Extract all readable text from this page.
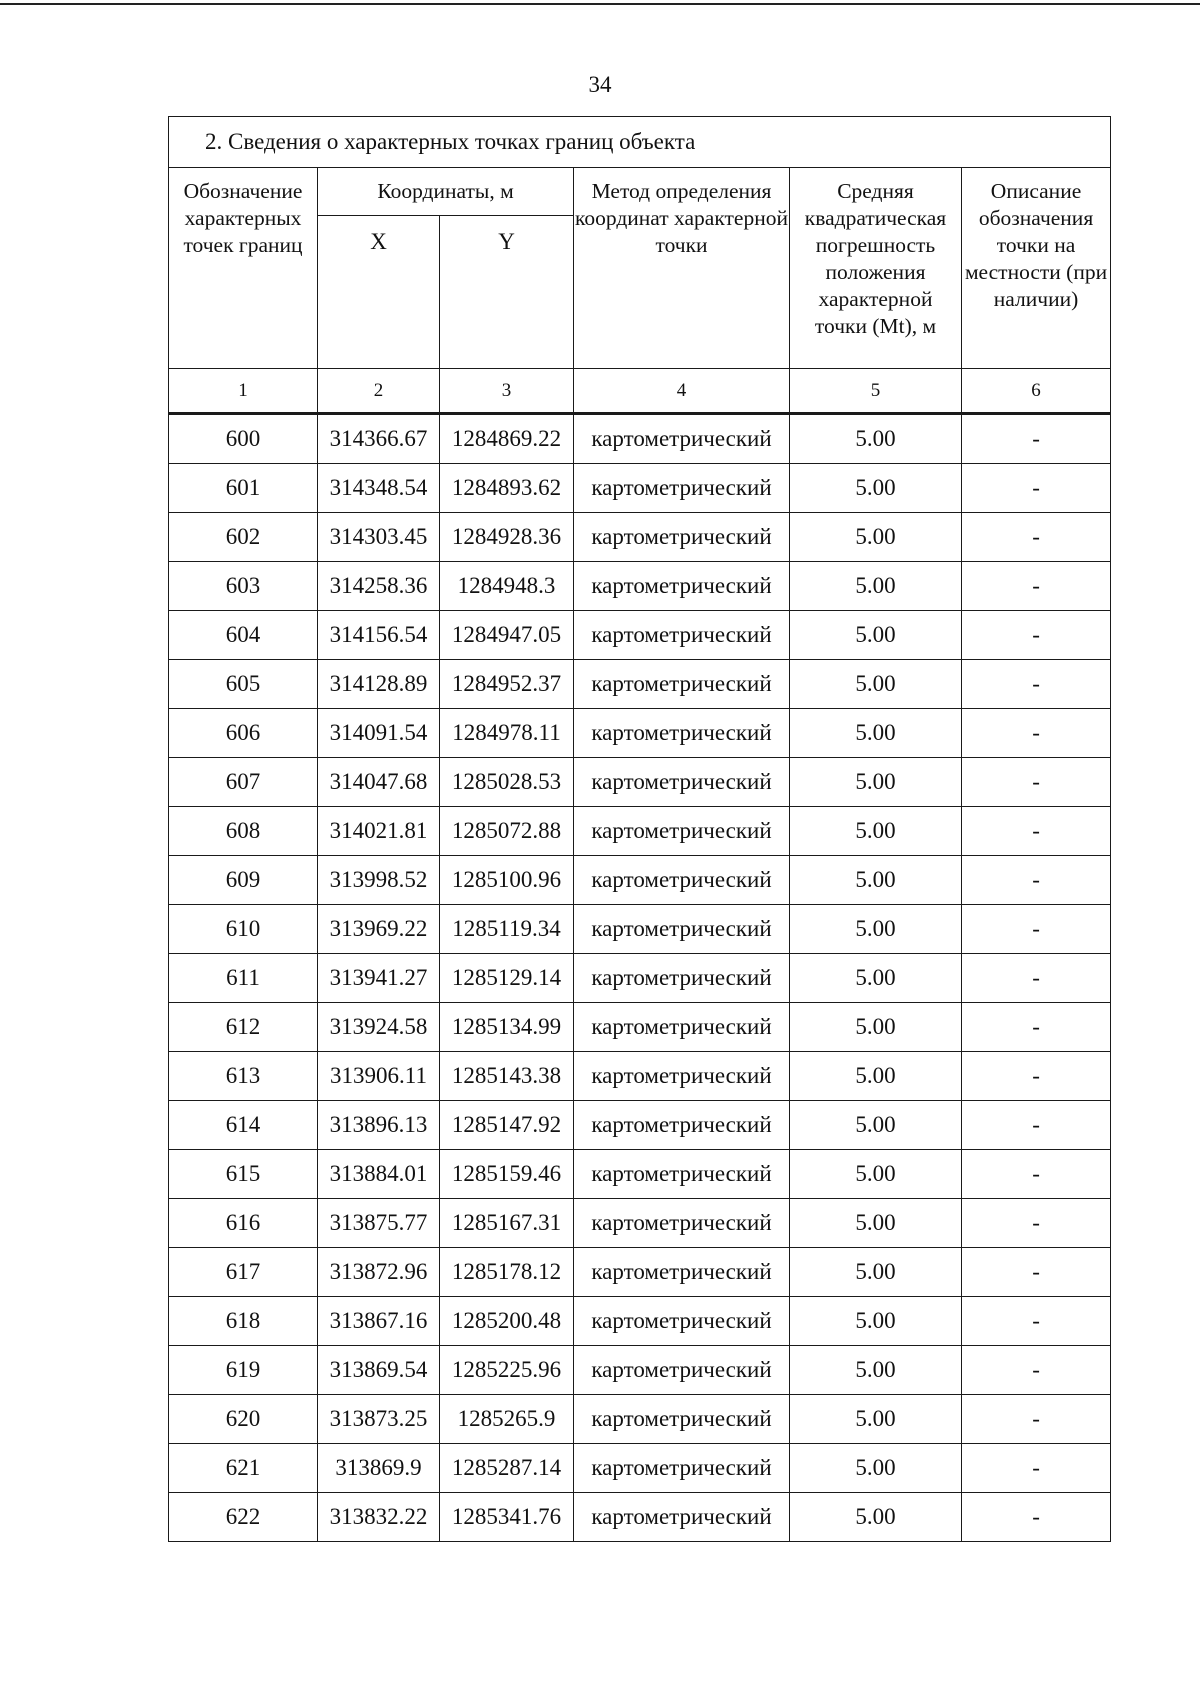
34
2. Сведения о характерных точках границ объекта					
Обозначение характерных точек границ	Координаты, м		Метод определения координат характерной точки	Средняя квадратическая погрешность положения характерной точки (Mt), м	Описание обозначения точки на местности (при наличии)
	X	Y			
1	2	3	4	5	6
600	314366.67	1284869.22	картометрический	5.00	-
601	314348.54	1284893.62	картометрический	5.00	-
602	314303.45	1284928.36	картометрический	5.00	-
603	314258.36	1284948.3	картометрический	5.00	-
604	314156.54	1284947.05	картометрический	5.00	-
605	314128.89	1284952.37	картометрический	5.00	-
606	314091.54	1284978.11	картометрический	5.00	-
607	314047.68	1285028.53	картометрический	5.00	-
608	314021.81	1285072.88	картометрический	5.00	-
609	313998.52	1285100.96	картометрический	5.00	-
610	313969.22	1285119.34	картометрический	5.00	-
611	313941.27	1285129.14	картометрический	5.00	-
612	313924.58	1285134.99	картометрический	5.00	-
613	313906.11	1285143.38	картометрический	5.00	-
614	313896.13	1285147.92	картометрический	5.00	-
615	313884.01	1285159.46	картометрический	5.00	-
616	313875.77	1285167.31	картометрический	5.00	-
617	313872.96	1285178.12	картометрический	5.00	-
618	313867.16	1285200.48	картометрический	5.00	-
619	313869.54	1285225.96	картометрический	5.00	-
620	313873.25	1285265.9	картометрический	5.00	-
621	313869.9	1285287.14	картометрический	5.00	-
622	313832.22	1285341.76	картометрический	5.00	-
